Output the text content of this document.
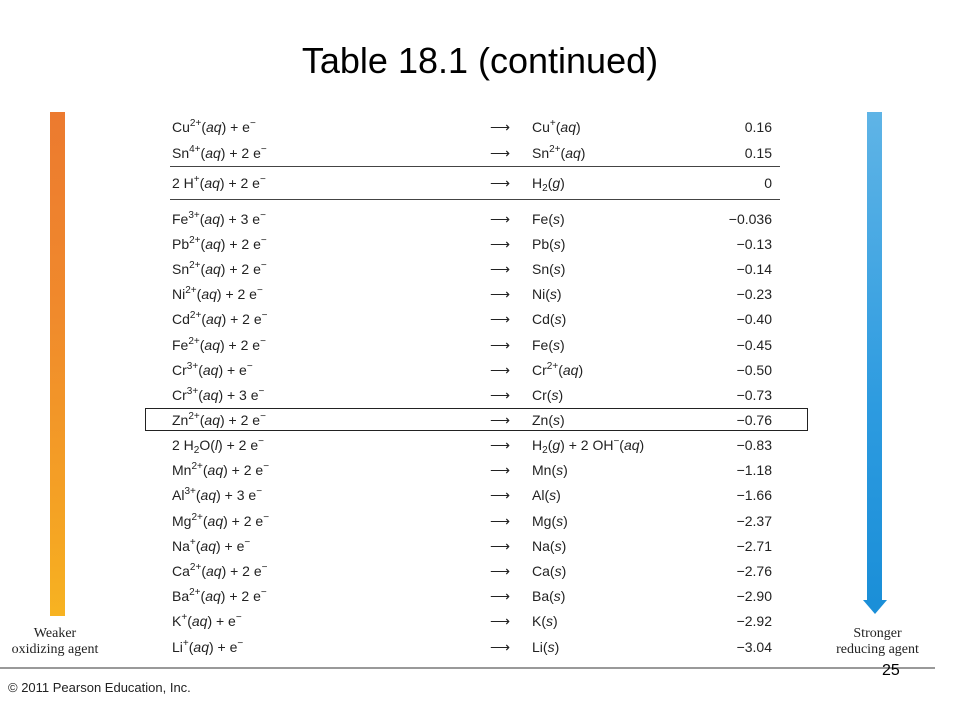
Table 18.1 (continued)
Weaker
oxidizing agent
Stronger
reducing agent
$Cu^{2+}(aq) + e^-$	⟶ Cu+(aq)	0.16
$Sn^{4+}(aq) + 2$ e−	⟶ $Sn^{2+}(aq)$	0.15
2 H+(aq) + 2 e−	⟶ $H_2(g)$	0
$Fe^{3+}(aq) + 3$ e−	⟶ Fe(s)	−0.036
$Pb^{2+}(aq) + 2$ e−	⟶ Pb(s)	−0.13
$Sn^{2+}(aq) + 2$ e−	⟶ Sn(s)	−0.14
$Ni^{2+}(aq) + 2$ e−	⟶ Ni(s)	−0.23
$Cd^{2+}(aq) + 2$ e−	⟶ Cd(s)	−0.40
$Fe^{2+}(aq) + 2$ e−	⟶ Fe(s)	−0.45
$Cr^{3+}(aq) + e^-$	⟶ $Cr^{2+}(aq)$	−0.50
$Cr^{3+}(aq) + 3$ e−	⟶ Cr(s)	−0.73
$Zn^{2+}(aq) + 2$ e−	⟶ Zn(s)	−0.76
2 $H_2O(l) + 2$ e−	⟶ $H_2(g) + 2$ OH−(aq)	−0.83
$Mn^{2+}(aq) + 2$ e−	⟶ Mn(s)	−1.18
$Al^{3+}(aq) + 3$ e−	⟶ Al(s)	−1.66
$Mg^{2+}(aq) + 2$ e−	⟶ Mg(s)	−2.37
Na+(aq) + e−	⟶ Na(s)	−2.71
$Ca^{2+}(aq) + 2$ e−	⟶ Ca(s)	−2.76
$Ba^{2+}(aq) + 2$ e−	⟶ Ba(s)	−2.90
K+(aq) + e−	⟶ K(s)	−2.92
Li+(aq) + e−	⟶ Li(s)	−3.04
25
© 2011 Pearson Education, Inc.
